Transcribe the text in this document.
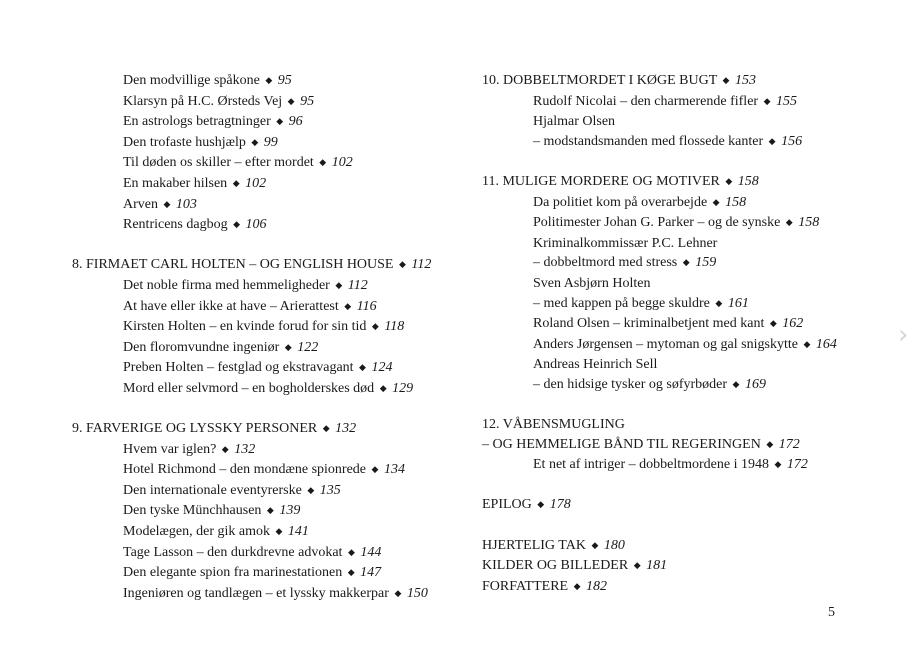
Den modvillige spåkone ◆ 95
Klarsyn på H.C. Ørsteds Vej ◆ 95
En astrologs betragtninger ◆ 96
Den trofaste hushjælp ◆ 99
Til døden os skiller – efter mordet ◆ 102
En makaber hilsen ◆ 102
Arven ◆ 103
Rentricens dagbog ◆ 106
8. FIRMAET CARL HOLTEN – OG ENGLISH HOUSE ◆ 112
Det noble firma med hemmeligheder ◆ 112
At have eller ikke at have – Arierattest ◆ 116
Kirsten Holten – en kvinde forud for sin tid ◆ 118
Den floromvundne ingeniør ◆ 122
Preben Holten – festglad og ekstravagant ◆ 124
Mord eller selvmord – en bogholderskes død ◆ 129
9. FARVERIGE OG LYSSKY PERSONER ◆ 132
Hvem var iglen? ◆ 132
Hotel Richmond – den mondæne spionrede ◆ 134
Den internationale eventyrerske ◆ 135
Den tyske Münchhausen ◆ 139
Modelægen, der gik amok ◆ 141
Tage Lasson – den durkdrevne advokat ◆ 144
Den elegante spion fra marinestationen ◆ 147
Ingeniøren og tandlægen – et lyssky makkerpar ◆ 150
10. DOBBELTMORDET I KØGE BUGT ◆ 153
Rudolf Nicolai – den charmerende fifler ◆ 155
Hjalmar Olsen
– modstandsmanden med flossede kanter ◆ 156
11. MULIGE MORDERE OG MOTIVER ◆ 158
Da politiet kom på overarbejde ◆ 158
Politimester Johan G. Parker – og de synske ◆ 158
Kriminalkommissær P.C. Lehner
– dobbeltmord med stress ◆ 159
Sven Asbjørn Holten
– med kappen på begge skuldre ◆ 161
Roland Olsen – kriminalbetjent med kant ◆ 162
Anders Jørgensen – mytoman og gal snigskytte ◆ 164
Andreas Heinrich Sell
– den hidsige tysker og søfyrbøder ◆ 169
12. VÅBENSMUGLING
– OG HEMMELIGE BÅND TIL REGERINGEN ◆ 172
Et net af intriger – dobbeltmordene i 1948 ◆ 172
EPILOG ◆ 178
HJERTELIG TAK ◆ 180
KILDER OG BILLEDER ◆ 181
FORFATTERE ◆ 182
5
›
